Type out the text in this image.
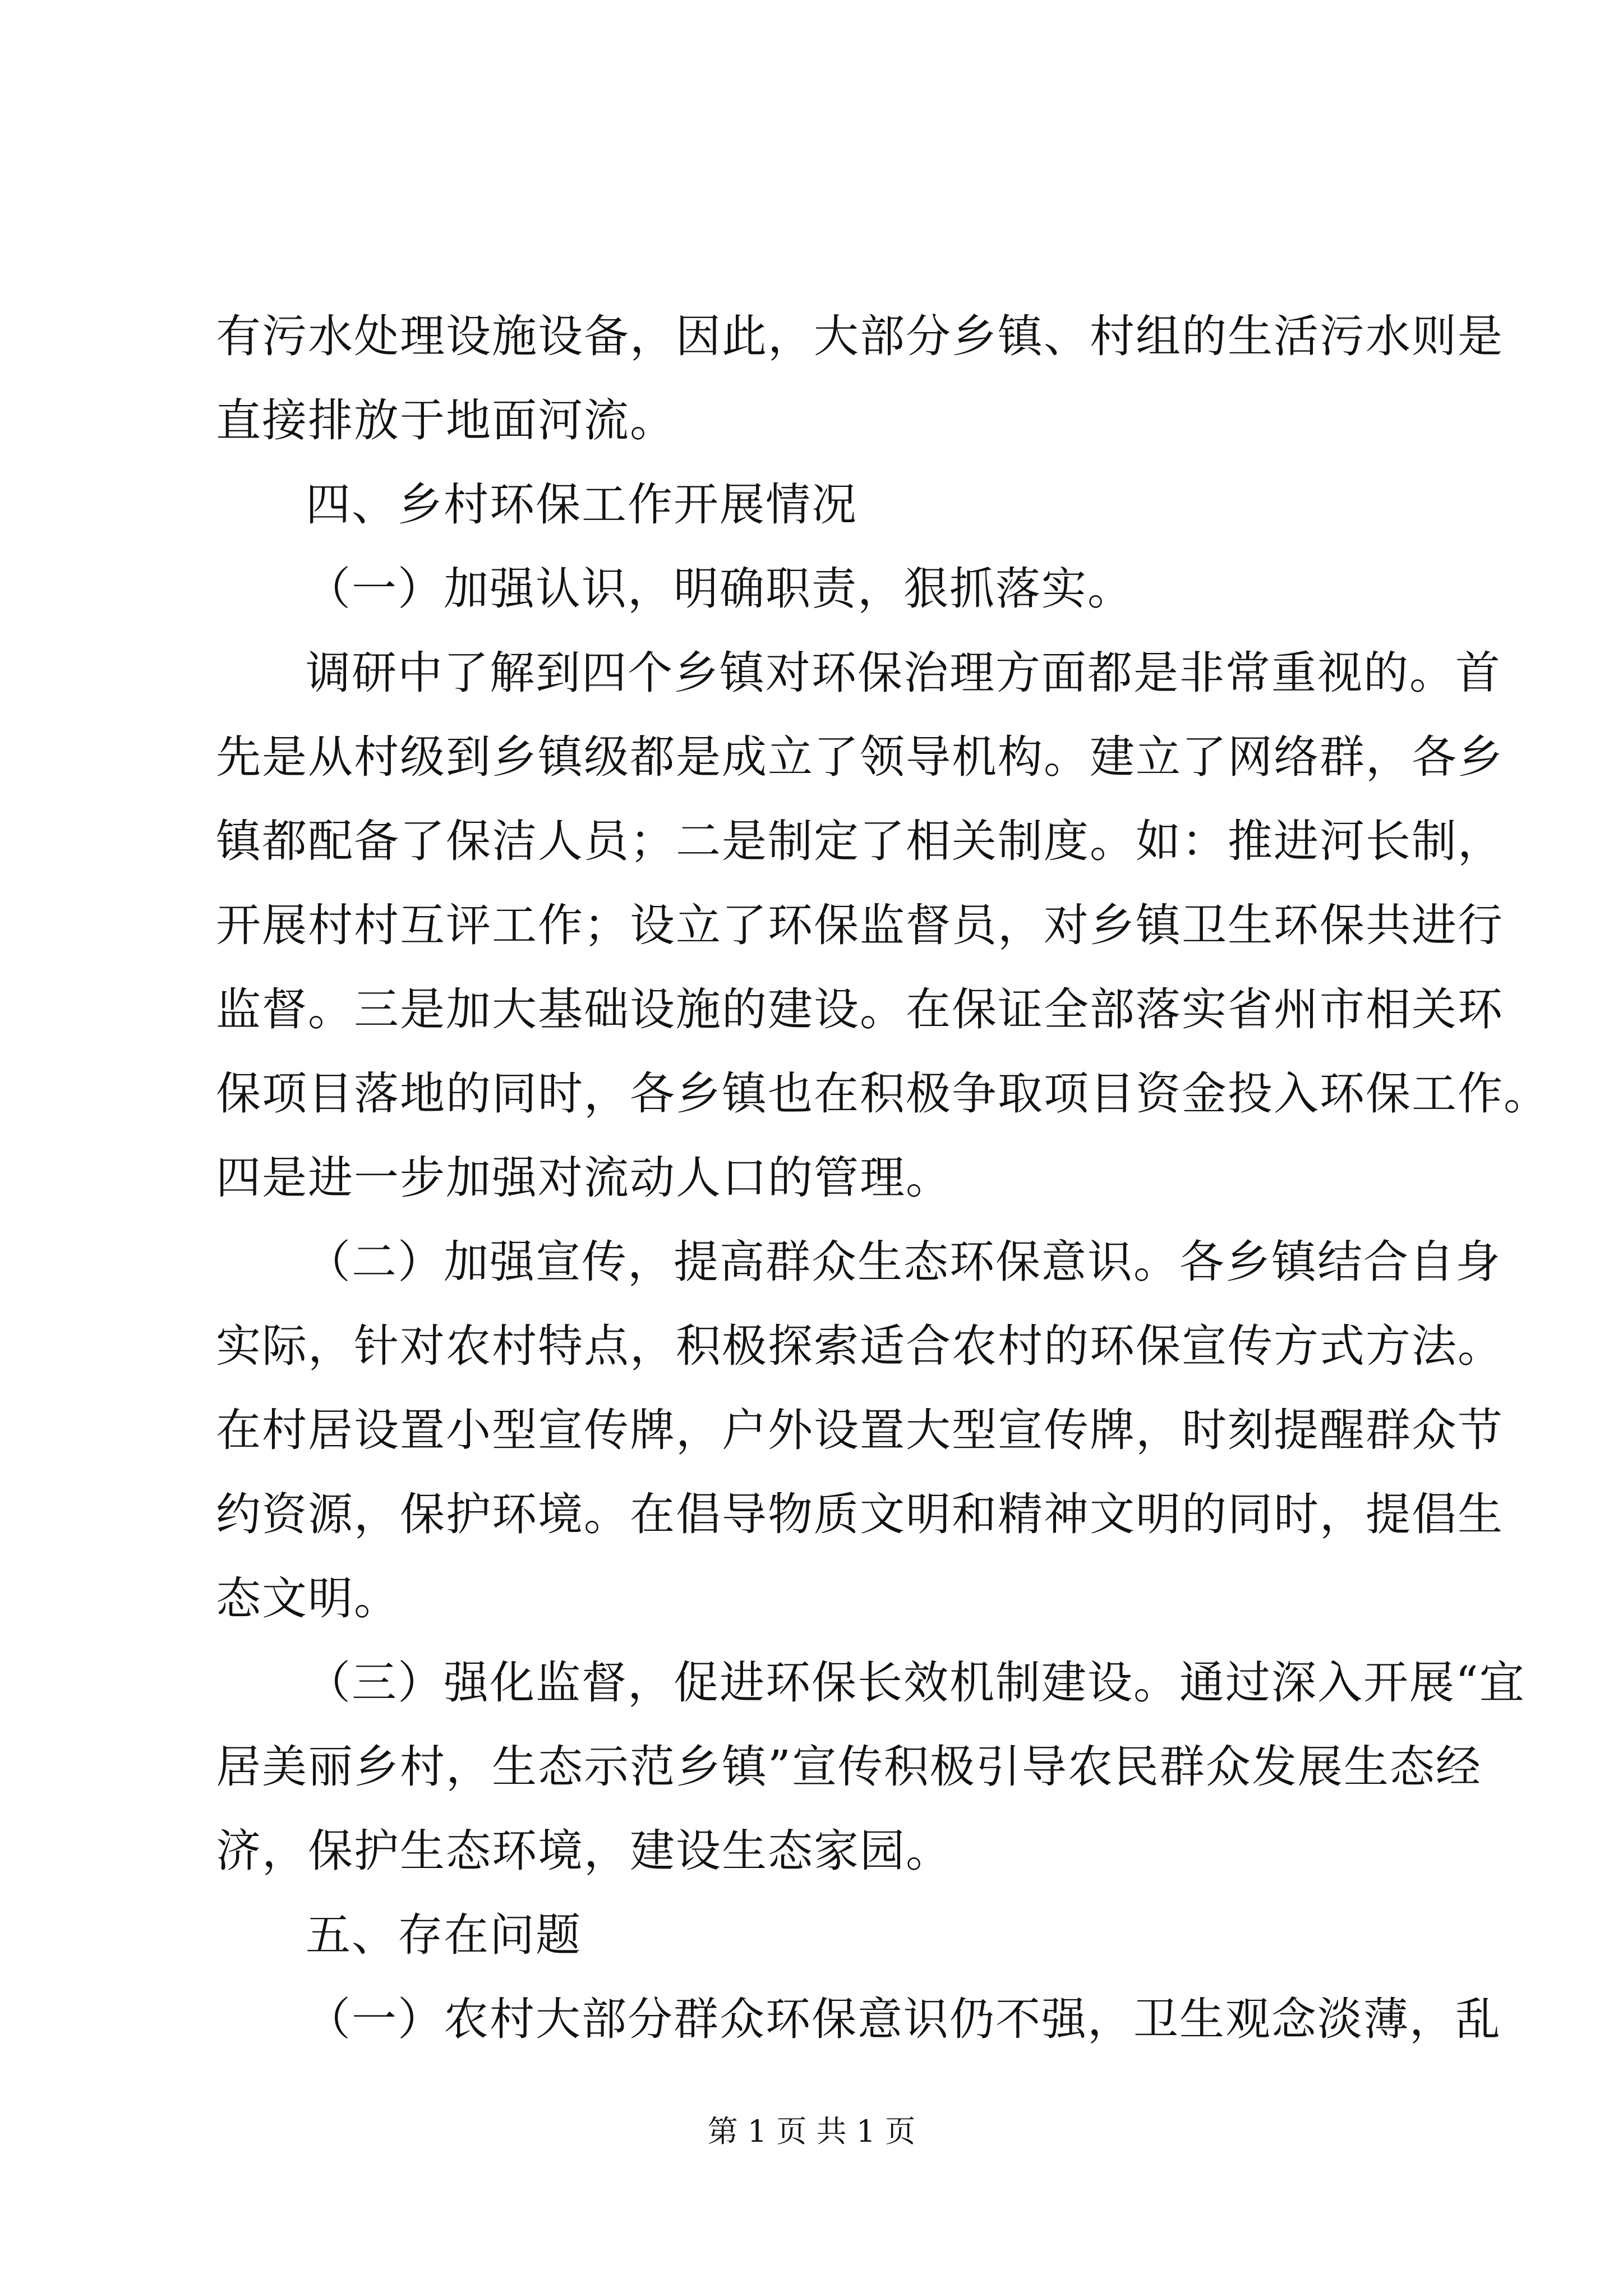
有污水处理设施设备，因此，大部分乡镇、村组的生活污水则是
直接排放于地面河流。
四、乡村环保工作开展情况
（一）加强认识，明确职责，狠抓落实。
调研中了解到四个乡镇对环保治理方面都是非常重视的。首
先是从村级到乡镇级都是成立了领导机构。建立了网络群，各乡
镇都配备了保洁人员；二是制定了相关制度。如：推进河长制，
开展村村互评工作；设立了环保监督员，对乡镇卫生环保共进行
监督。三是加大基础设施的建设。在保证全部落实省州市相关环
保项目落地的同时，各乡镇也在积极争取项目资金投入环保工作。
四是进一步加强对流动人口的管理。
（二）加强宣传，提高群众生态环保意识。各乡镇结合自身
实际，针对农村特点，积极探索适合农村的环保宣传方式方法。
在村居设置小型宣传牌，户外设置大型宣传牌，时刻提醒群众节
约资源，保护环境。在倡导物质文明和精神文明的同时，提倡生
态文明。
（三）强化监督，促进环保长效机制建设。通过深入开展“宜
居美丽乡村，生态示范乡镇”宣传积极引导农民群众发展生态经
济，保护生态环境，建设生态家园。
五、存在问题
（一）农村大部分群众环保意识仍不强，卫生观念淡薄，乱
第 1 页 共 1 页
